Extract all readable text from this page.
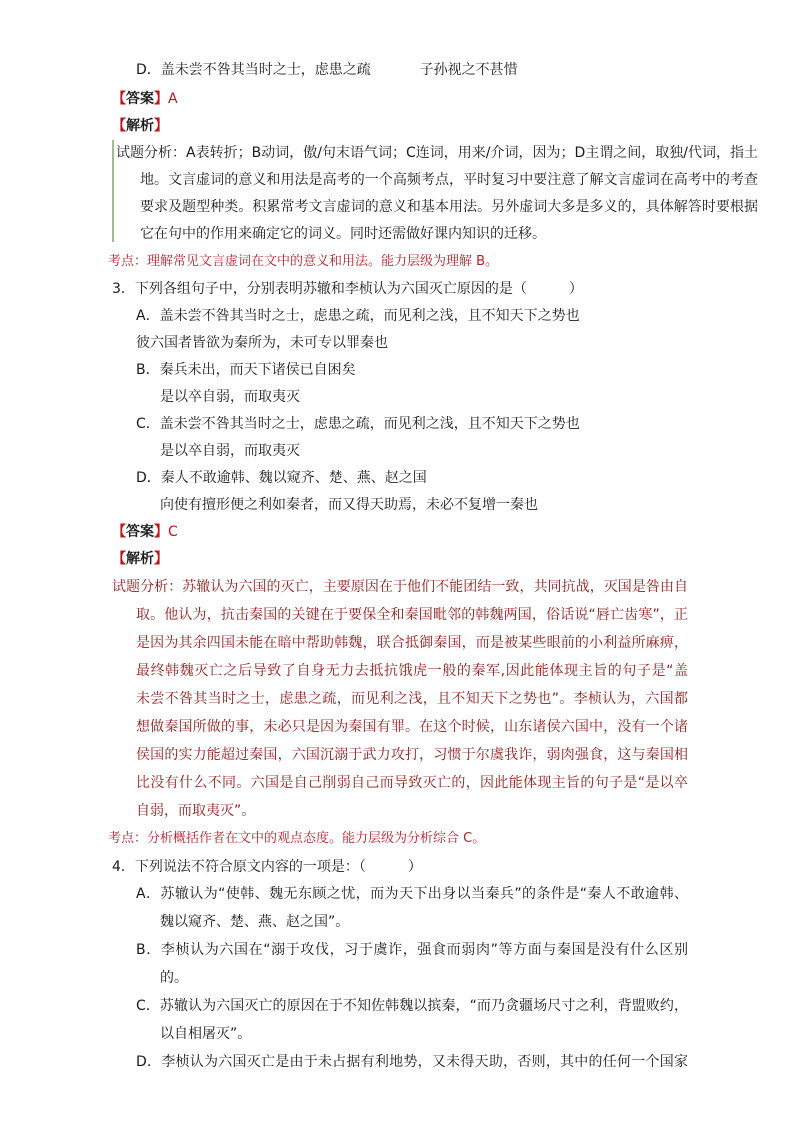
D．盖未尝不咎其当时之士，虑患之疏	子孙视之不甚惜
【答案】A
【解析】
试题分析：A表转折；B动词，傲/句末语气词；C连词，用来/介词，因为；D主谓之间，取独/代词，指土
地。文言虚词的意义和用法是高考的一个高频考点，平时复习中要注意了解文言虚词在高考中的考查
要求及题型种类。积累常考文言虚词的意义和基本用法。另外虚词大多是多义的，具体解答时要根据
它在句中的作用来确定它的词义。同时还需做好课内知识的迁移。
考点：理解常见文言虚词在文中的意义和用法。能力层级为理解 B。
3．下列各组句子中，分别表明苏辙和李桢认为六国灭亡原因的是（　　　）
A．盖未尝不咎其当时之士，虑患之疏，而见利之浅，且不知天下之势也
彼六国者皆欲为秦所为，未可专以罪秦也
B．秦兵未出，而天下诸侯已自困矣
是以卒自弱，而取夷灭
C．盖未尝不咎其当时之士，虑患之疏，而见利之浅，且不知天下之势也
是以卒自弱，而取夷灭
D．秦人不敢逾韩、魏以窥齐、楚、燕、赵之国
向使有擅形便之利如秦者，而又得天助焉，未必不复增一秦也
【答案】C
【解析】
试题分析：苏辙认为六国的灭亡，主要原因在于他们不能团结一致，共同抗战，灭国是咎由自
取。他认为，抗击秦国的关键在于要保全和秦国毗邻的韩魏两国，俗话说“唇亡齿寒”，正
是因为其余四国未能在暗中帮助韩魏，联合抵御秦国，而是被某些眼前的小利益所麻痹，
最终韩魏灭亡之后导致了自身无力去抵抗饿虎一般的秦军,因此能体现主旨的句子是“盖
未尝不咎其当时之士，虑患之疏，而见利之浅，且不知天下之势也”。李桢认为，六国都
想做秦国所做的事，未必只是因为秦国有罪。在这个时候，山东诸侯六国中，没有一个诸
侯国的实力能超过秦国，六国沉溺于武力攻打，习惯于尔虞我诈，弱肉强食，这与秦国相
比没有什么不同。六国是自己削弱自己而导致灭亡的，因此能体现主旨的句子是“是以卒
自弱，而取夷灭”。
考点：分析概括作者在文中的观点态度。能力层级为分析综合 C。
4．下列说法不符合原文内容的一项是：（　　　）
A．苏辙认为“使韩、魏无东顾之忧，而为天下出身以当秦兵”的条件是“秦人不敢逾韩、
魏以窥齐、楚、燕、赵之国”。
B．李桢认为六国在“溺于攻伐，习于虞诈，强食而弱肉”等方面与秦国是没有什么区别
的。
C．苏辙认为六国灭亡的原因在于不知佐韩魏以摈秦，“而乃贪疆场尺寸之利，背盟败约，
以自相屠灭”。
D．李桢认为六国灭亡是由于未占据有利地势，又未得天助，否则，其中的任何一个国家
